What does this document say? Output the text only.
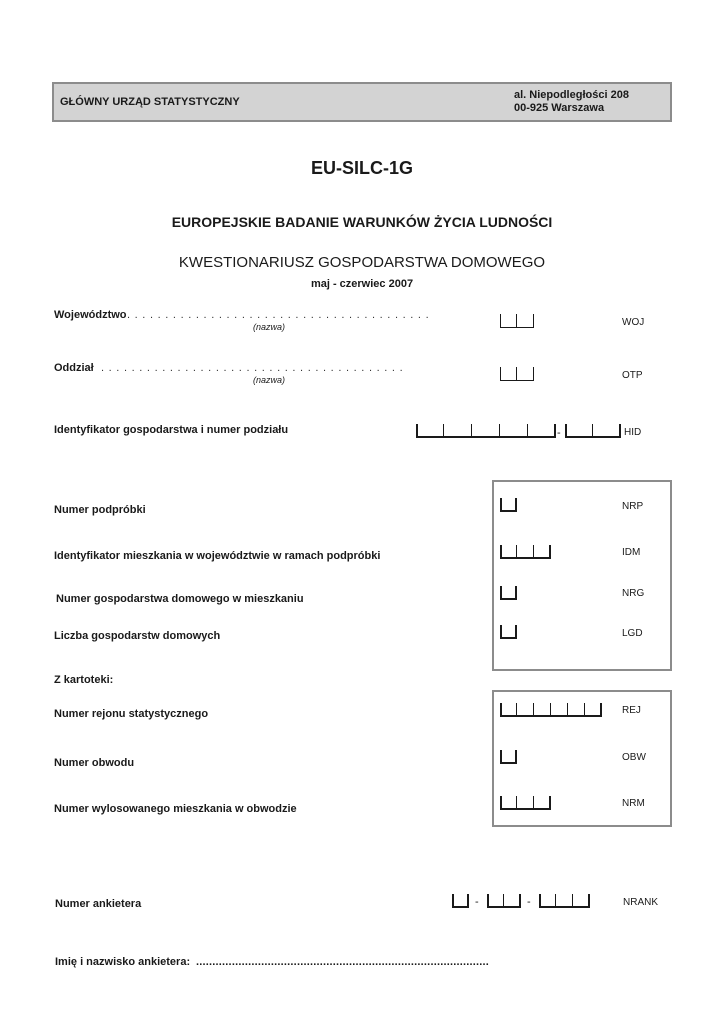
GŁÓWNY URZĄD STATYSTYCZNY
al. Niepodległości 208
00-925 Warszawa
EU-SILC-1G
EUROPEJSKIE BADANIE WARUNKÓW ŻYCIA LUDNOŚCI
KWESTIONARIUSZ GOSPODARSTWA DOMOWEGO
maj - czerwiec 2007
Województwo ........................................
(nazwa)	WOJ
Oddział ........................................
(nazwa)	OTP
Identyfikator gospodarstwa i numer podziału	-	HID
Numer podpróbki	NRP
Identyfikator mieszkania w województwie w ramach podpróbki	IDM
Numer gospodarstwa domowego w mieszkaniu	NRG
Liczba gospodarstw domowych	LGD
Z kartoteki:
Numer rejonu statystycznego	REJ
Numer obwodu	OBW
Numer wylosowanego mieszkania w obwodzie	NRM
Numer ankietera	-	-	NRANK
Imię i nazwisko ankietera: ..........................................................................................
